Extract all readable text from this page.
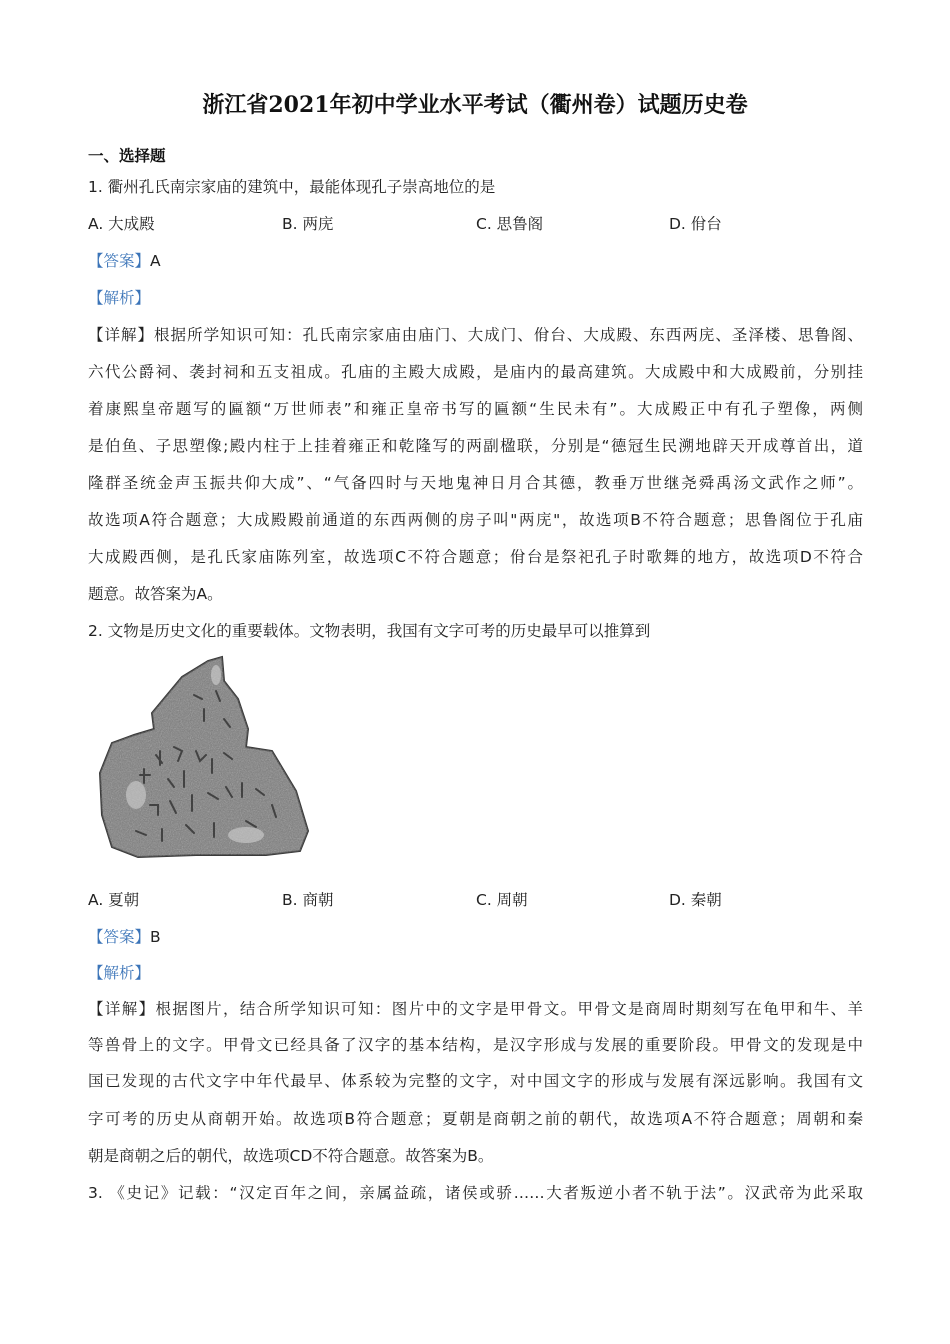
浙江省2021年初中学业水平考试（衢州卷）试题历史卷
一、选择题
1. 衢州孔氏南宗家庙的建筑中，最能体现孔子崇高地位的是
A. 大成殿	B. 两庑	C. 思鲁阁	D. 佾台
【答案】A
【解析】
【详解】根据所学知识可知：孔氏南宗家庙由庙门、大成门、佾台、大成殿、东西两庑、圣泽楼、思鲁阁、
六代公爵祠、袭封祠和五支祖成。孔庙的主殿大成殿，是庙内的最高建筑。大成殿中和大成殿前，分别挂
着康熙皇帝题写的匾额“万世师表”和雍正皇帝书写的匾额“生民未有”。大成殿正中有孔子塑像，两侧
是伯鱼、子思塑像;殿内柱于上挂着雍正和乾隆写的两副楹联，分别是“德冠生民溯地辟天开成尊首出，道
隆群圣统金声玉振共仰大成”、“气备四时与天地鬼神日月合其德，教垂万世继尧舜禹汤文武作之师”。
故选项A符合题意；大成殿殿前通道的东西两侧的房子叫"两庑"，故选项B不符合题意；思鲁阁位于孔庙
大成殿西侧，是孔氏家庙陈列室，故选项C不符合题意；佾台是祭祀孔子时歌舞的地方，故选项D不符合
题意。故答案为A。
2. 文物是历史文化的重要载体。文物表明，我国有文字可考的历史最早可以推算到
A. 夏朝	B. 商朝	C. 周朝	D. 秦朝
【答案】B
【解析】
【详解】根据图片，结合所学知识可知：图片中的文字是甲骨文。甲骨文是商周时期刻写在龟甲和牛、羊
等兽骨上的文字。甲骨文已经具备了汉字的基本结构，是汉字形成与发展的重要阶段。甲骨文的发现是中
国已发现的古代文字中年代最早、体系较为完整的文字，对中国文字的形成与发展有深远影响。我国有文
字可考的历史从商朝开始。故选项B符合题意；夏朝是商朝之前的朝代，故选项A不符合题意；周朝和秦
朝是商朝之后的朝代，故选项CD不符合题意。故答案为B。
3. 《史记》记载：“汉定百年之间，亲属益疏，诸侯或骄……大者叛逆小者不轨于法”。汉武帝为此采取
